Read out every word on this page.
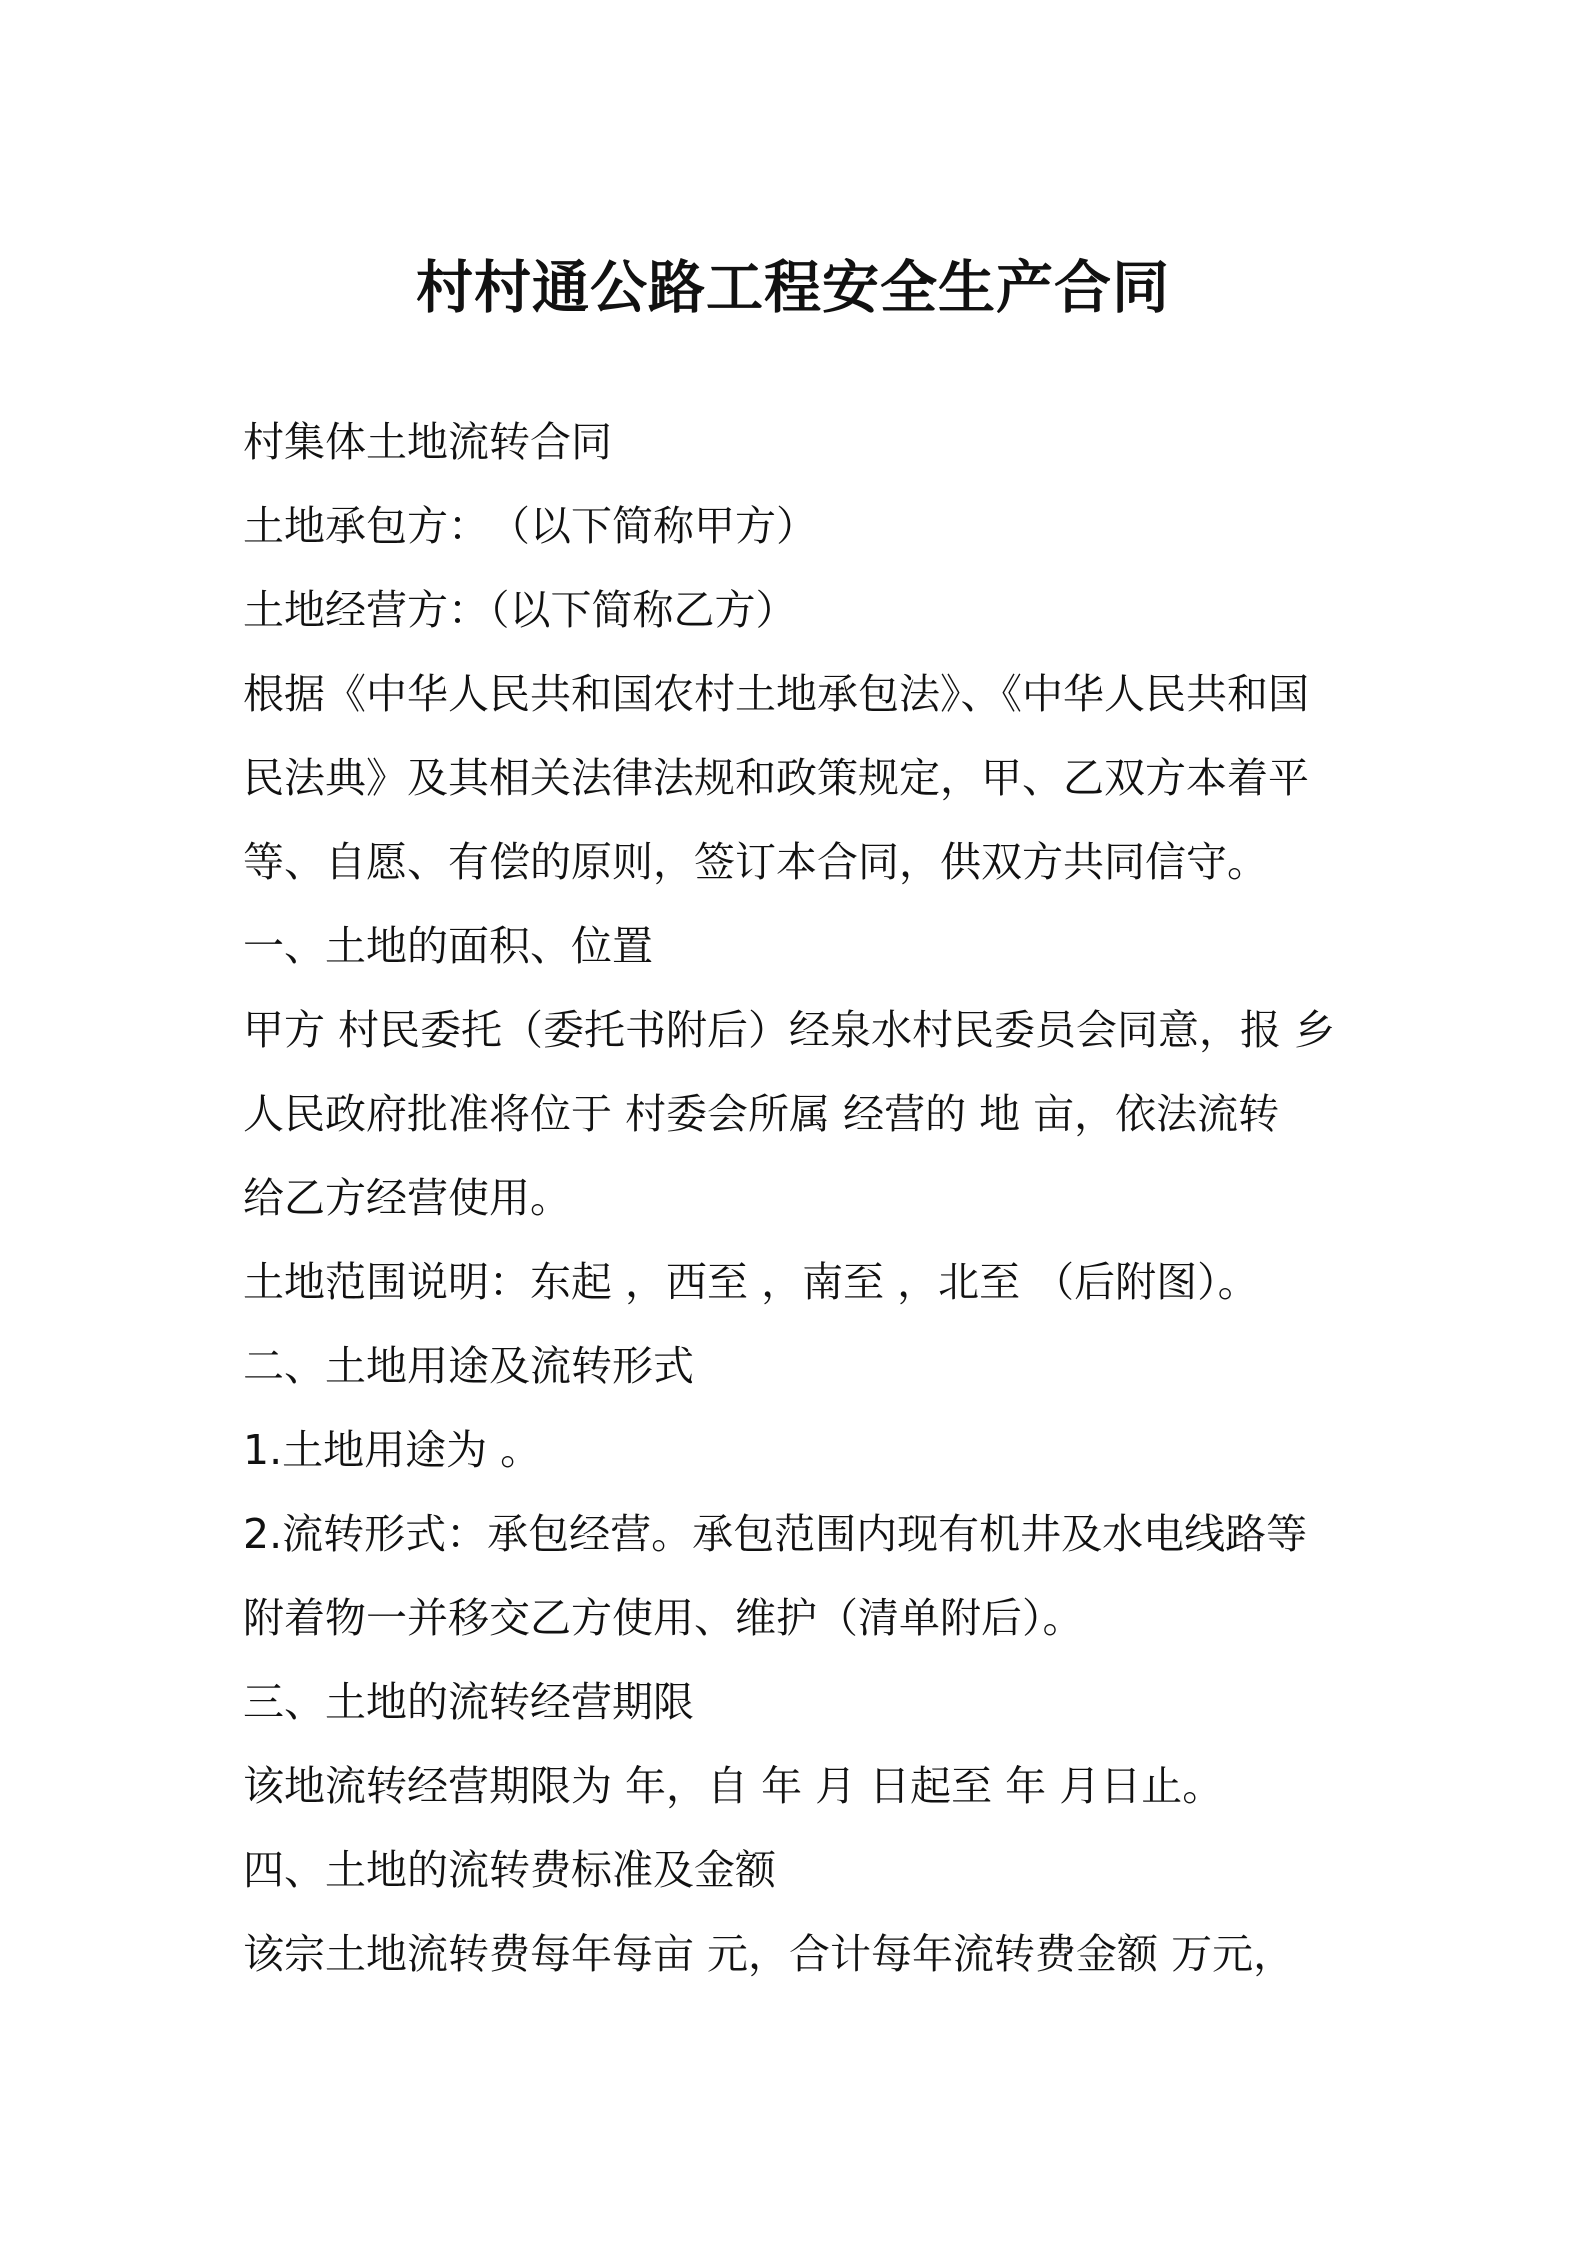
村村通公路工程安全生产合同

村集体土地流转合同

土地承包方：　（以下简称甲方）

土地经营方：（以下简称乙方）

根据《中华人民共和国农村土地承包法》、《中华人民共和国

民法典》及其相关法律法规和政策规定，甲、乙双方本着平

等、自愿、有偿的原则，签订本合同，供双方共同信守。

一、土地的面积、位置

甲方 村民委托（委托书附后）经泉水村民委员会同意，报 乡

人民政府批准将位于 村委会所属 经营的 地 亩，依法流转

给乙方经营使用。

土地范围说明：东起 ，西至 ，南至 ，北至 （后附图）。

二、土地用途及流转形式

1.土地用途为 。

2.流转形式：承包经营。承包范围内现有机井及水电线路等

附着物一并移交乙方使用、维护（清单附后）。

三、土地的流转经营期限

该地流转经营期限为 年，自 年 月 日起至 年 月日止。

四、土地的流转费标准及金额

该宗土地流转费每年每亩 元，合计每年流转费金额 万元，
